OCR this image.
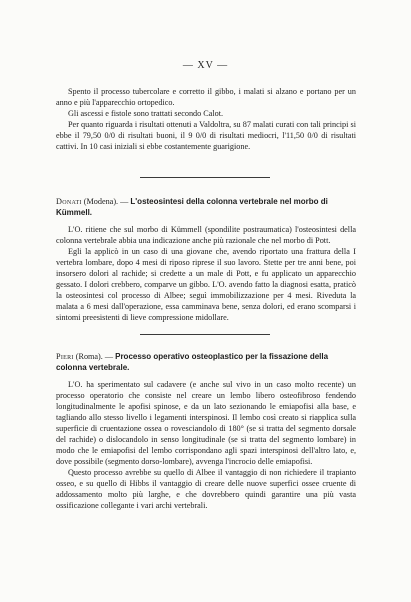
— XV —

Spento il processo tubercolare e corretto il gibbo, i malati si alzano e portano per un anno e più l'apparecchio ortopedico.

Gli ascessi e fistole sono trattati secondo Calot.

Per quanto riguarda i risultati ottenuti a Valdoltra, su 87 malati curati con tali principi si ebbe il 79,50 0/0 di risultati buoni, il 9 0/0 di risultati mediocri, l'11,50 0/0 di risultati cattivi. In 10 casi iniziali si ebbe costantemente guarigione.

Donati (Modena). — L'osteosintesi della colonna vertebrale nel morbo di Kümmell.

L'O. ritiene che sul morbo di Kümmell (spondilite postraumatica) l'osteosintesi della colonna vertebrale abbia una indicazione anche più razionale che nel morbo di Pott.

Egli la applicò in un caso di una giovane che, avendo riportato una frattura della I vertebra lombare, dopo 4 mesi di riposo riprese il suo lavoro. Stette per tre anni bene, poi insorsero dolori al rachide; si credette a un male di Pott, e fu applicato un apparecchio gessato. I dolori crebbero, comparve un gibbo. L'O. avendo fatto la diagnosi esatta, praticò la osteosintesi col processo di Albee; seguì immobilizzazione per 4 mesi. Riveduta la malata a 6 mesi dall'operazione, essa camminava bene, senza dolori, ed erano scomparsi i sintomi preesistenti di lieve compressione midollare.

Pieri (Roma). — Processo operativo osteoplastico per la fissazione della colonna vertebrale.

L'O. ha sperimentato sul cadavere (e anche sul vivo in un caso molto recente) un processo operatorio che consiste nel creare un lembo libero osteofibroso fendendo longitudinalmente le apofisi spinose, e da un lato sezionando le emiapofisi alla base, e tagliando allo stesso livello i legamenti interspinosi. Il lembo così creato si riapplica sulla superficie di cruentazione ossea o rovesciandolo di 180° (se si tratta del segmento dorsale del rachide) o dislocandolo in senso longitudinale (se si tratta del segmento lombare) in modo che le emiapofisi del lembo corrispondano agli spazi interspinosi dell'altro lato, e, dove possibile (segmento dorso-lombare), avvenga l'incrocio delle emiapofisi.

Questo processo avrebbe su quello di Albee il vantaggio di non richiedere il trapianto osseo, e su quello di Hibbs il vantaggio di creare delle nuove superfici ossee cruente di addossamento molto più larghe, e che dovrebbero quindi garantire una più vasta ossificazione collegante i vari archi vertebrali.
